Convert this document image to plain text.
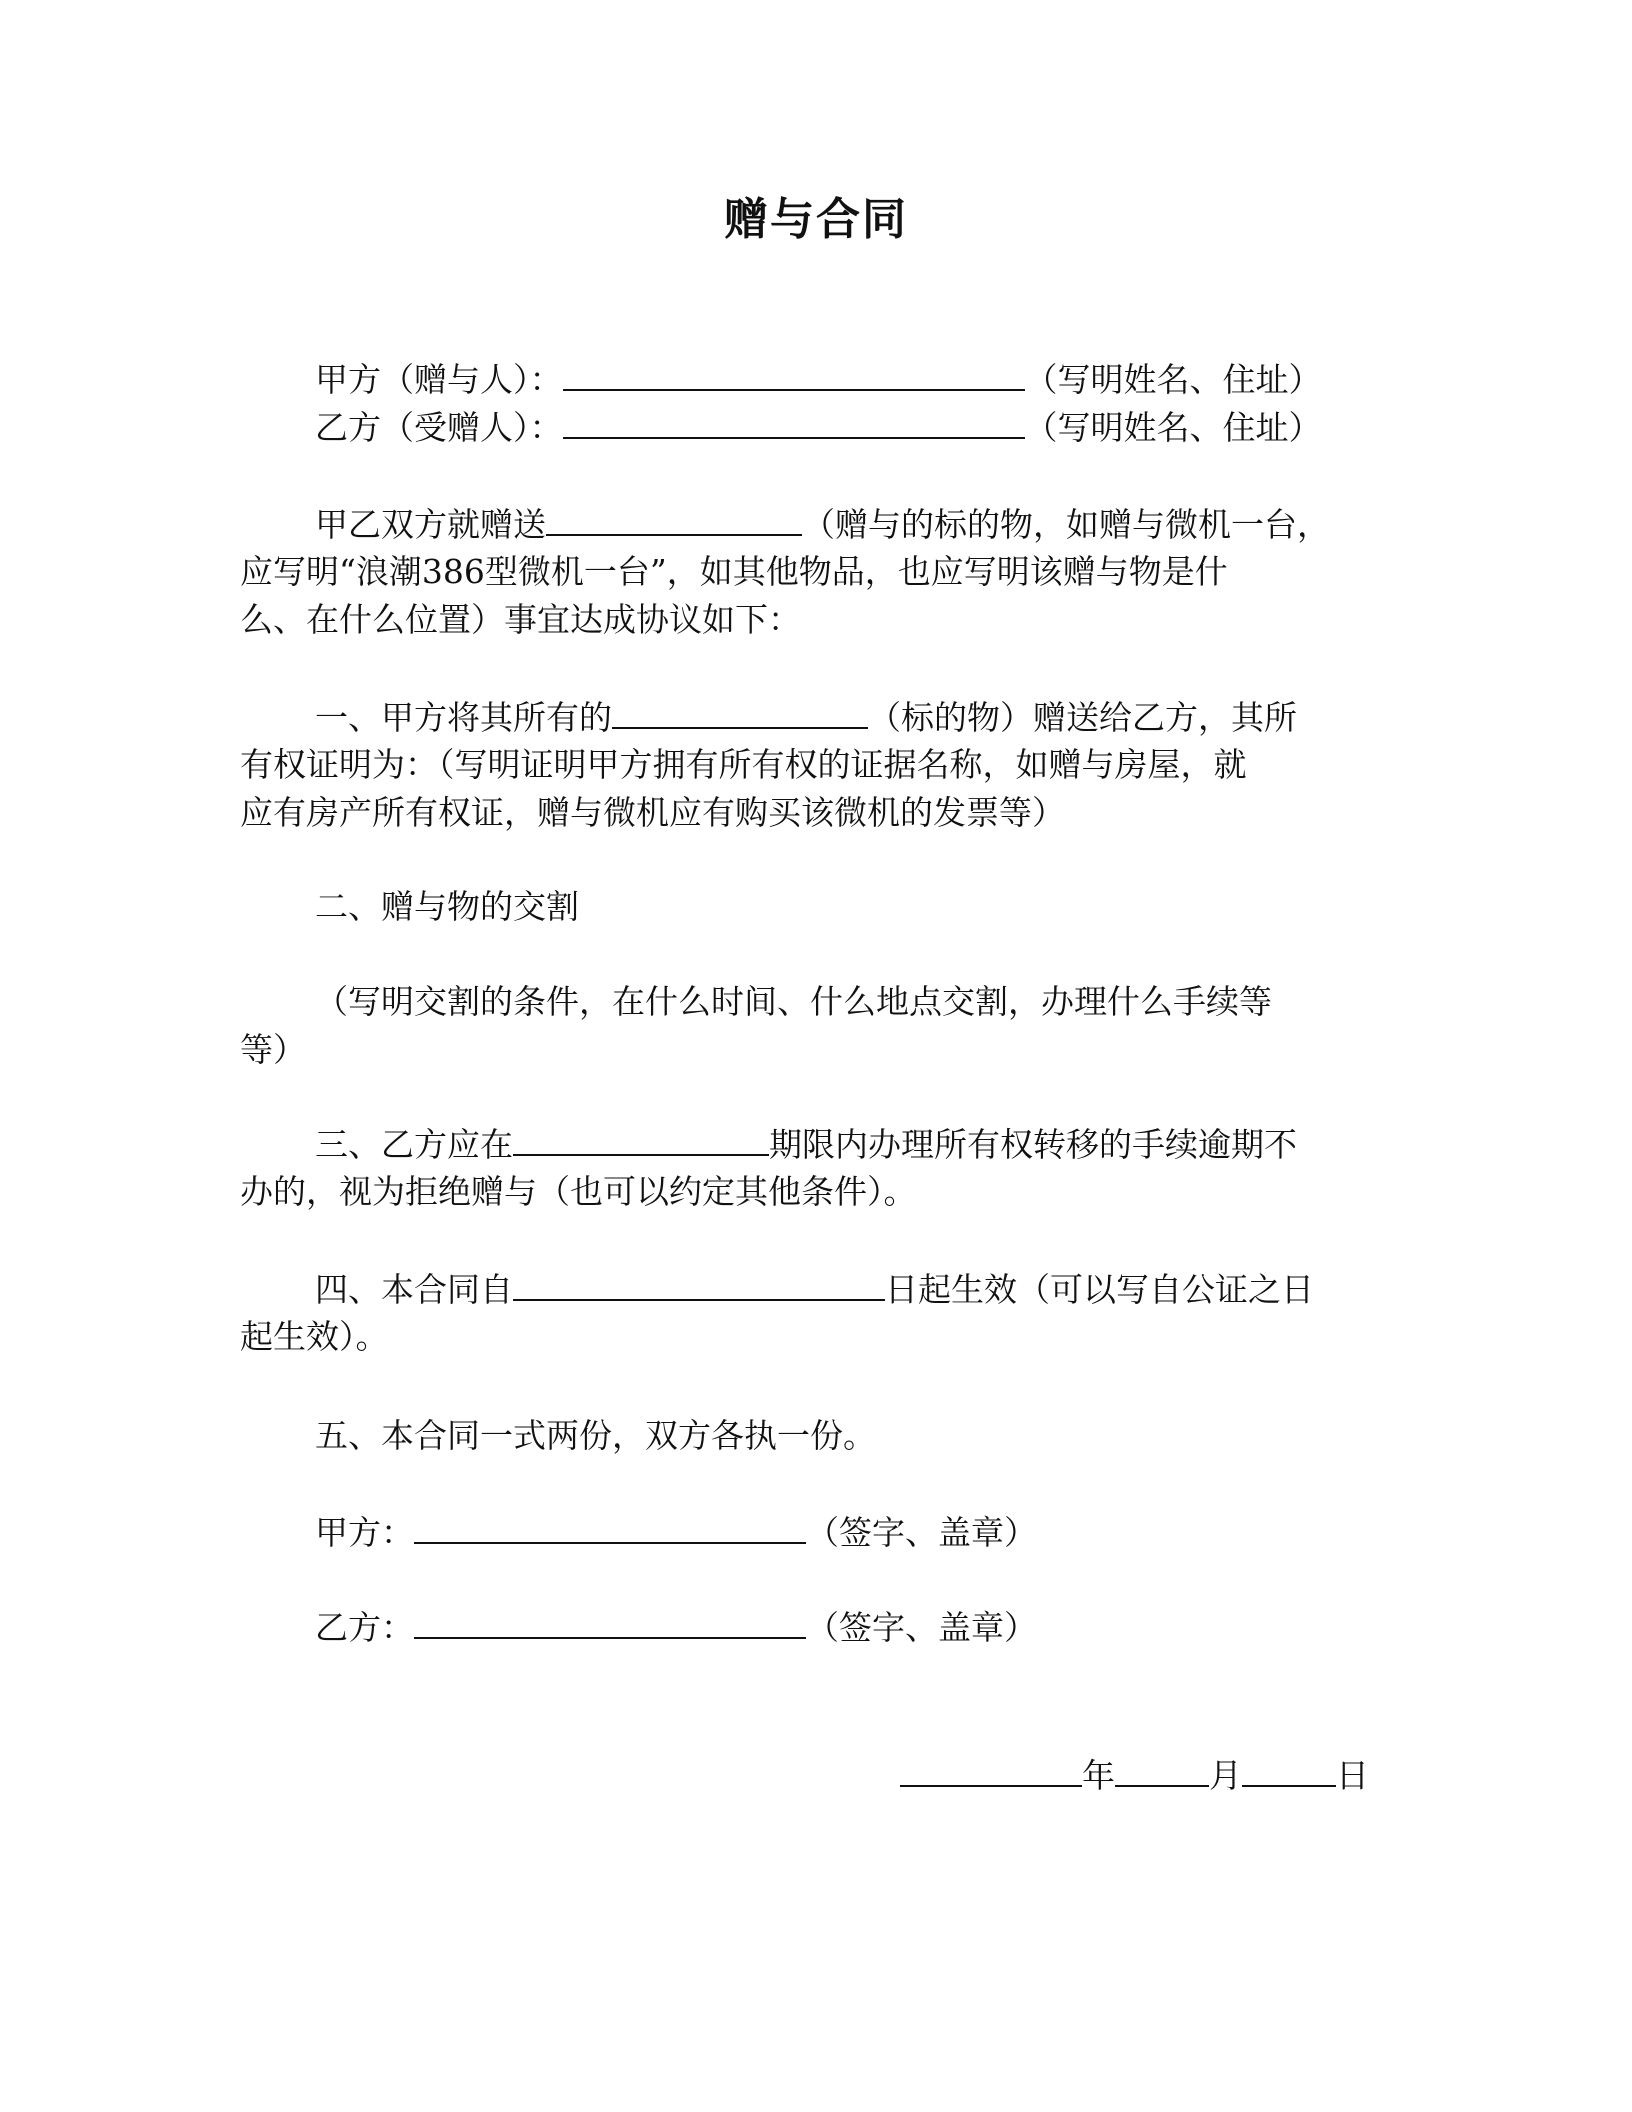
赠与合同
甲方（赠与人）：	（写明姓名、住址）
乙方（受赠人）：	（写明姓名、住址）
甲乙双方就赠送	（赠与的标的物，如赠与微机一台，
应写明“浪潮386型微机一台”，如其他物品，也应写明该赠与物是什
么、在什么位置）事宜达成协议如下：
一、甲方将其所有的	（标的物）赠送给乙方，其所
有权证明为：（写明证明甲方拥有所有权的证据名称，如赠与房屋，就
应有房产所有权证，赠与微机应有购买该微机的发票等）
二、赠与物的交割
（写明交割的条件，在什么时间、什么地点交割，办理什么手续等
等）
三、乙方应在	期限内办理所有权转移的手续逾期不
办的，视为拒绝赠与（也可以约定其他条件）。
四、本合同自	日起生效（可以写自公证之日
起生效）。
五、本合同一式两份，双方各执一份。
甲方：	（签字、盖章）
乙方：	（签字、盖章）
年	月	日
